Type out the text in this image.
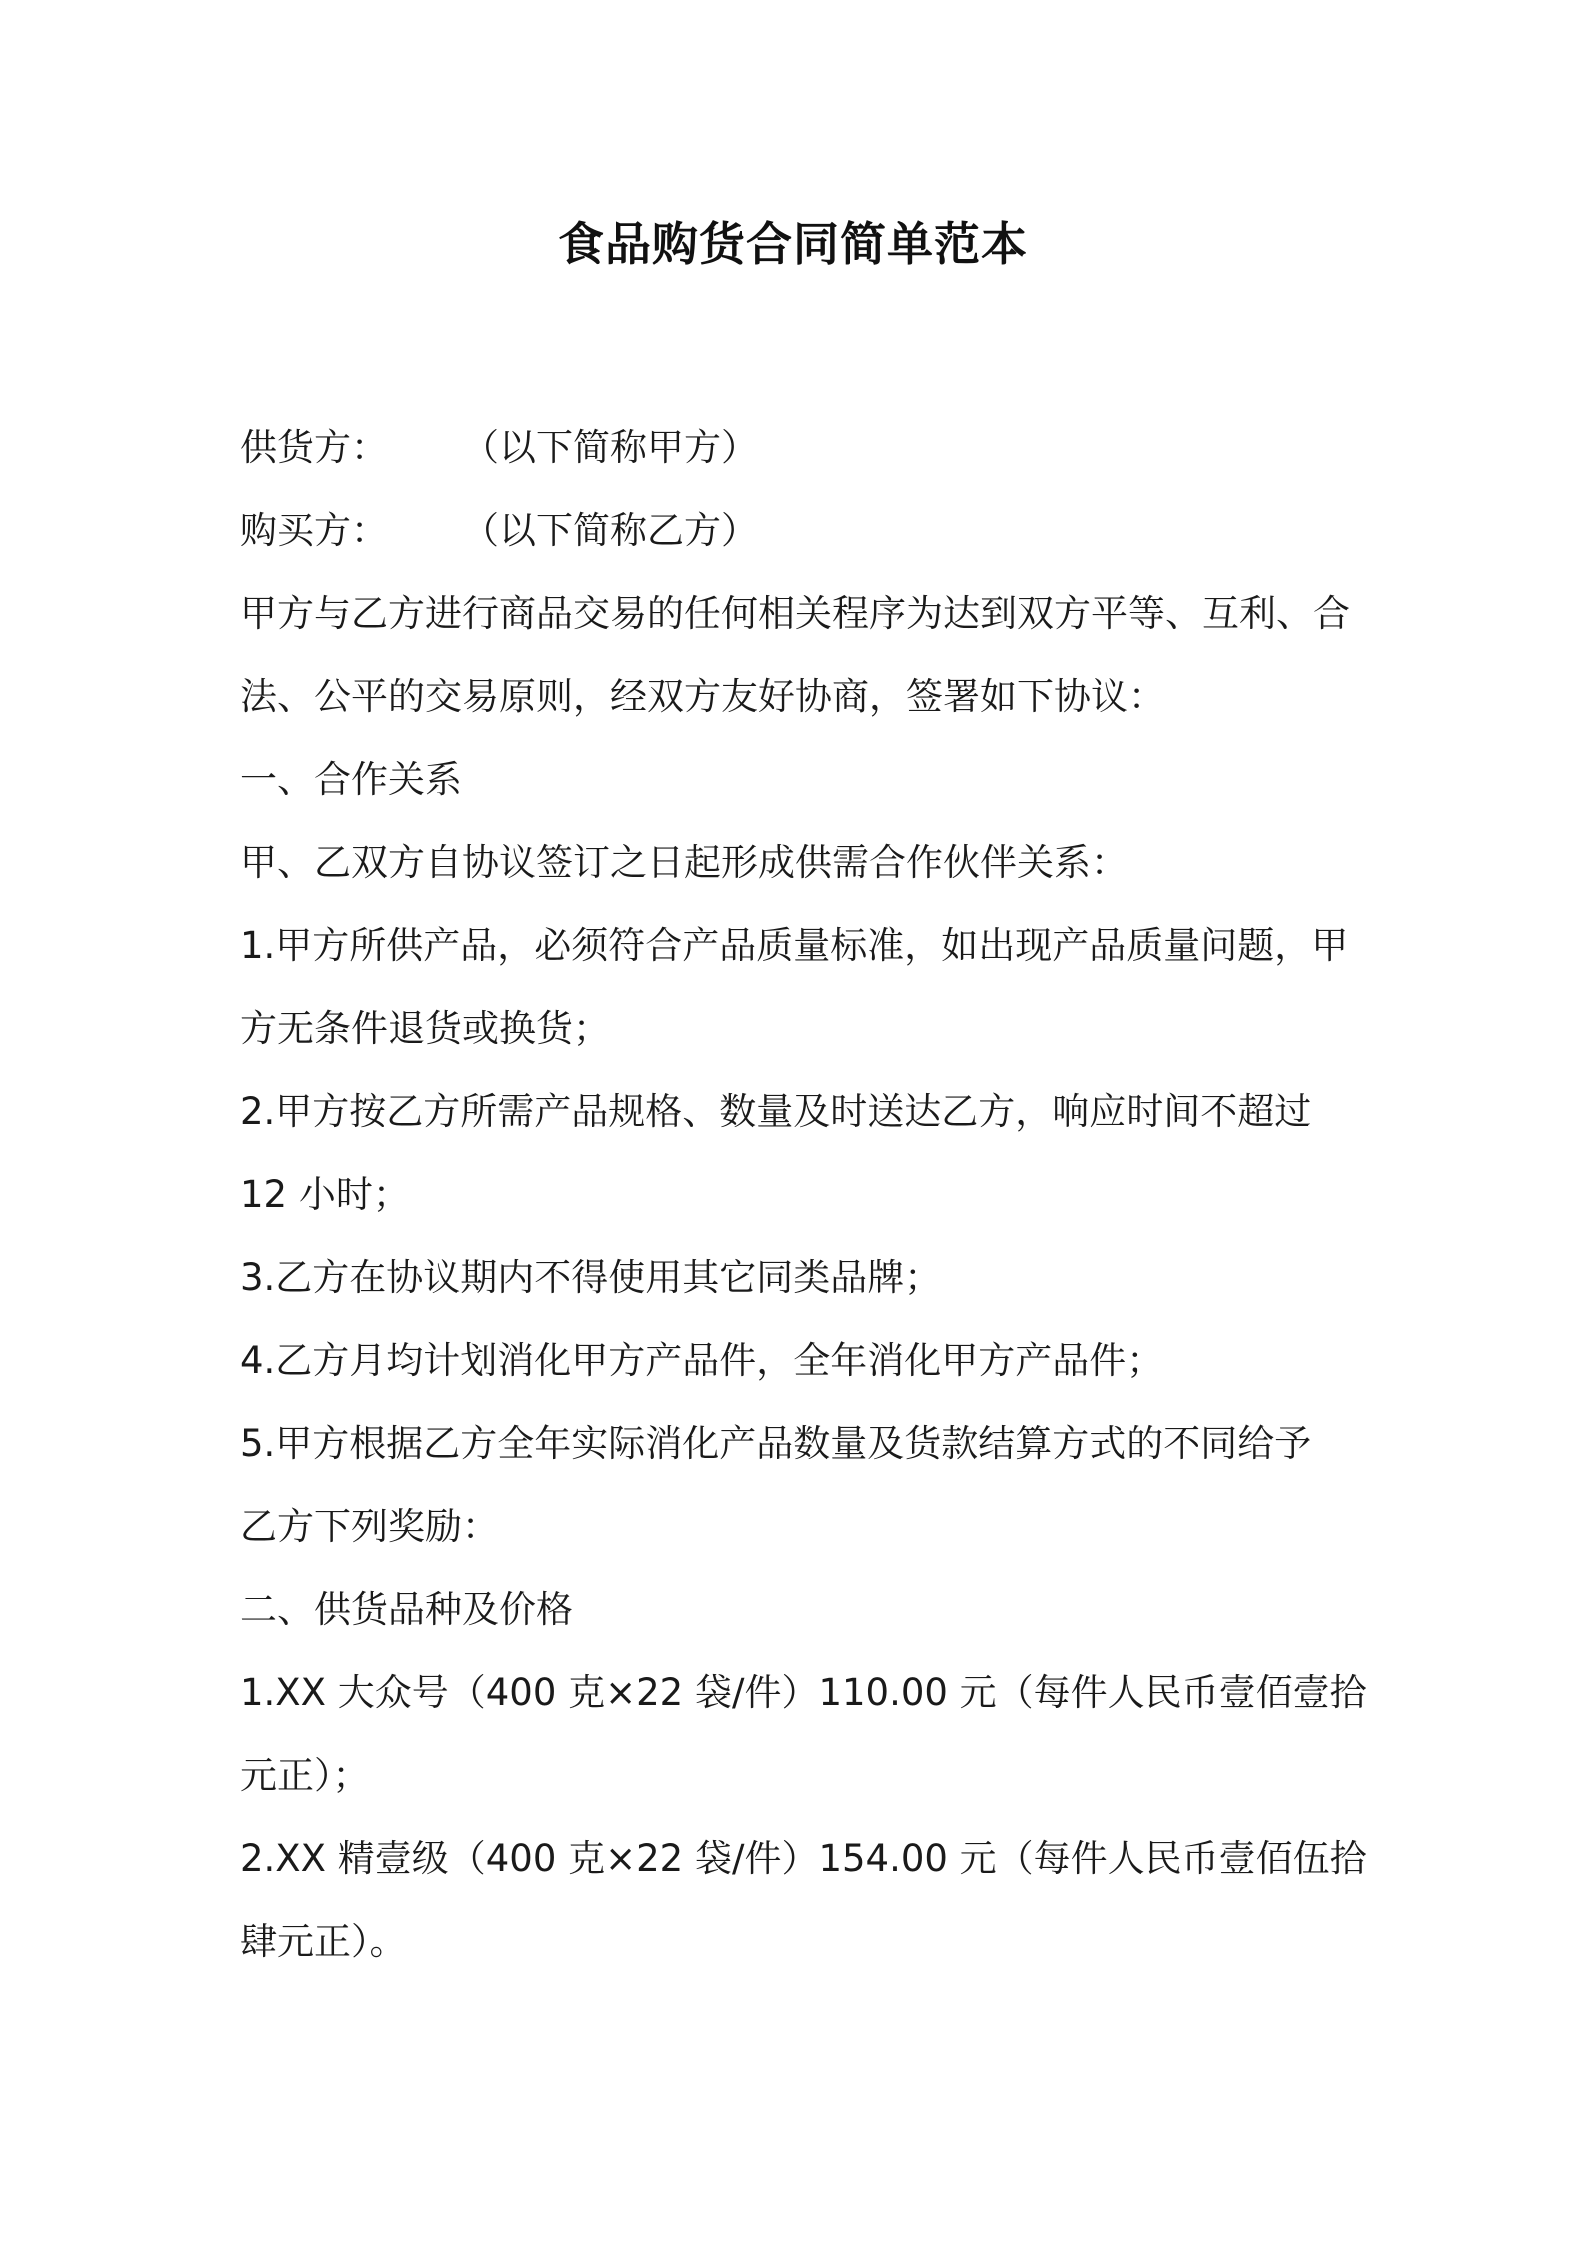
食品购货合同简单范本
供货方： （以下简称甲方）
购买方： （以下简称乙方）
甲方与乙方进行商品交易的任何相关程序为达到双方平等、互利、合
法、公平的交易原则，经双方友好协商，签署如下协议：
一、合作关系
甲、乙双方自协议签订之日起形成供需合作伙伴关系：
1.甲方所供产品，必须符合产品质量标准，如出现产品质量问题，甲
方无条件退货或换货；
2.甲方按乙方所需产品规格、数量及时送达乙方，响应时间不超过
12 小时；
3.乙方在协议期内不得使用其它同类品牌；
4.乙方月均计划消化甲方产品件，全年消化甲方产品件；
5.甲方根据乙方全年实际消化产品数量及货款结算方式的不同给予
乙方下列奖励：
二、供货品种及价格
1.XX 大众号（400 克×22 袋/件）110.00 元（每件人民币壹佰壹拾
元正）；
2.XX 精壹级（400 克×22 袋/件）154.00 元（每件人民币壹佰伍拾
肆元正）。
